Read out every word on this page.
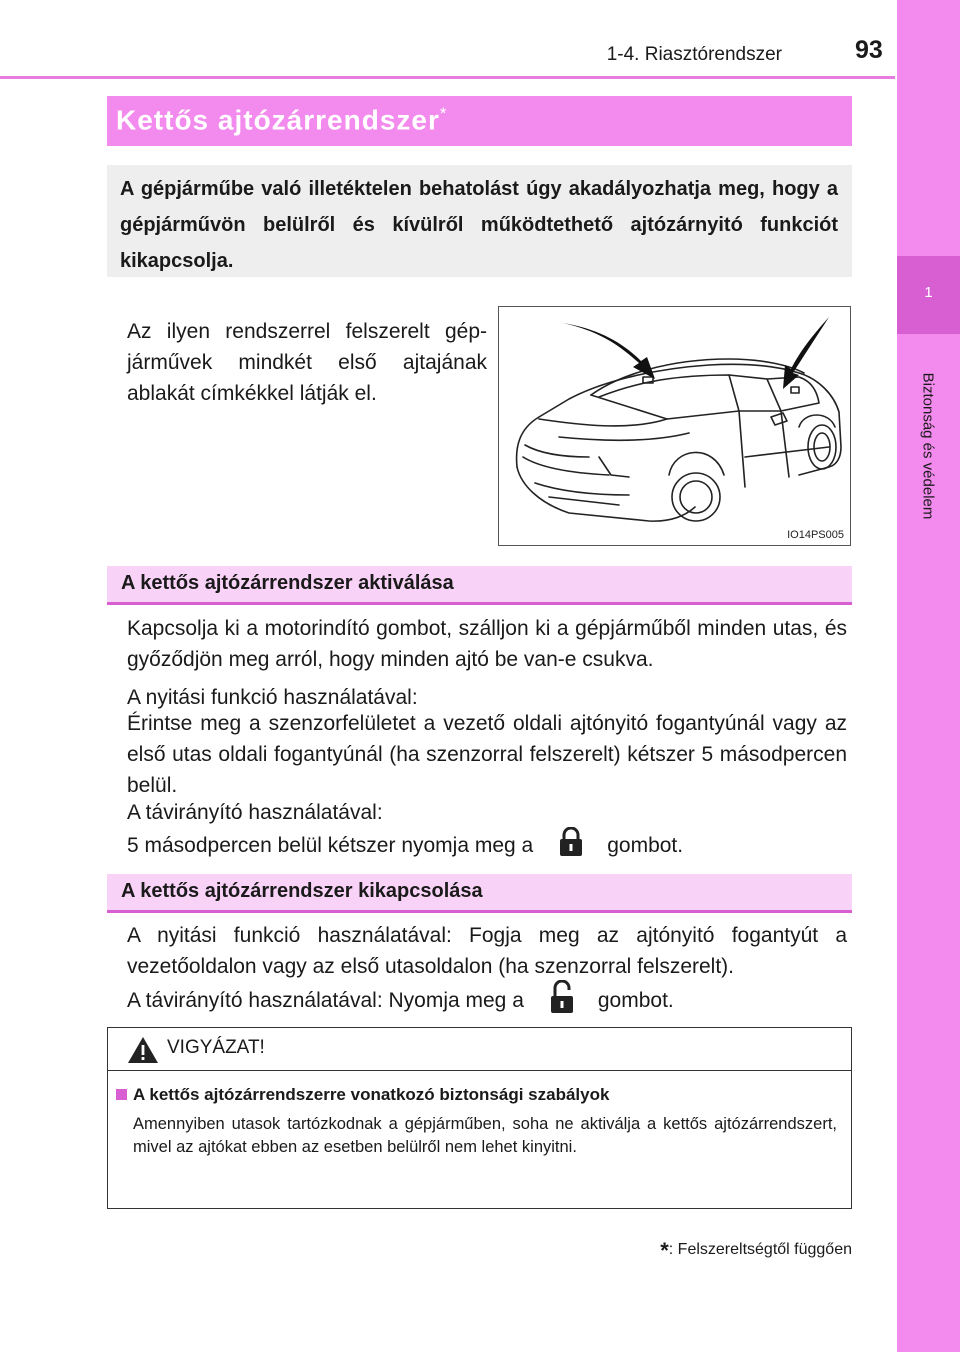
1-4. Riasztórendszer	93
1
Biztonság és védelem
Kettős ajtózárrendszer*
A gépjárműbe való illetéktelen behatolást úgy akadályozhatja meg, hogy a gépjárművön belülről és kívülről működtethető ajtózárnyitó funkciót kikapcsolja.
Az ilyen rendszerrel felszerelt gép-járművek mindkét első ajtajának ablakát címkékkel látják el.
IO14PS005
A kettős ajtózárrendszer aktiválása
Kapcsolja ki a motorindító gombot, szálljon ki a gépjárműből minden utas, és győződjön meg arról, hogy minden ajtó be van-e csukva.
A nyitási funkció használatával:
Érintse meg a szenzorfelületet a vezető oldali ajtónyitó fogantyúnál vagy az első utas oldali fogantyúnál (ha szenzorral felszerelt) kétszer 5 másodpercen belül.
A távirányító használatával:
5 másodpercen belül kétszer nyomja meg a	gombot.
A kettős ajtózárrendszer kikapcsolása
A nyitási funkció használatával: Fogja meg az ajtónyitó fogantyút a vezetőoldalon vagy az első utasoldalon (ha szenzorral felszerelt).
A távirányító használatával: Nyomja meg a	gombot.
VIGYÁZAT!
A kettős ajtózárrendszerre vonatkozó biztonsági szabályok
Amennyiben utasok tartózkodnak a gépjárműben, soha ne aktiválja a kettős ajtózárrendszert, mivel az ajtókat ebben az esetben belülről nem lehet kinyitni.
*: Felszereltségtől függően
